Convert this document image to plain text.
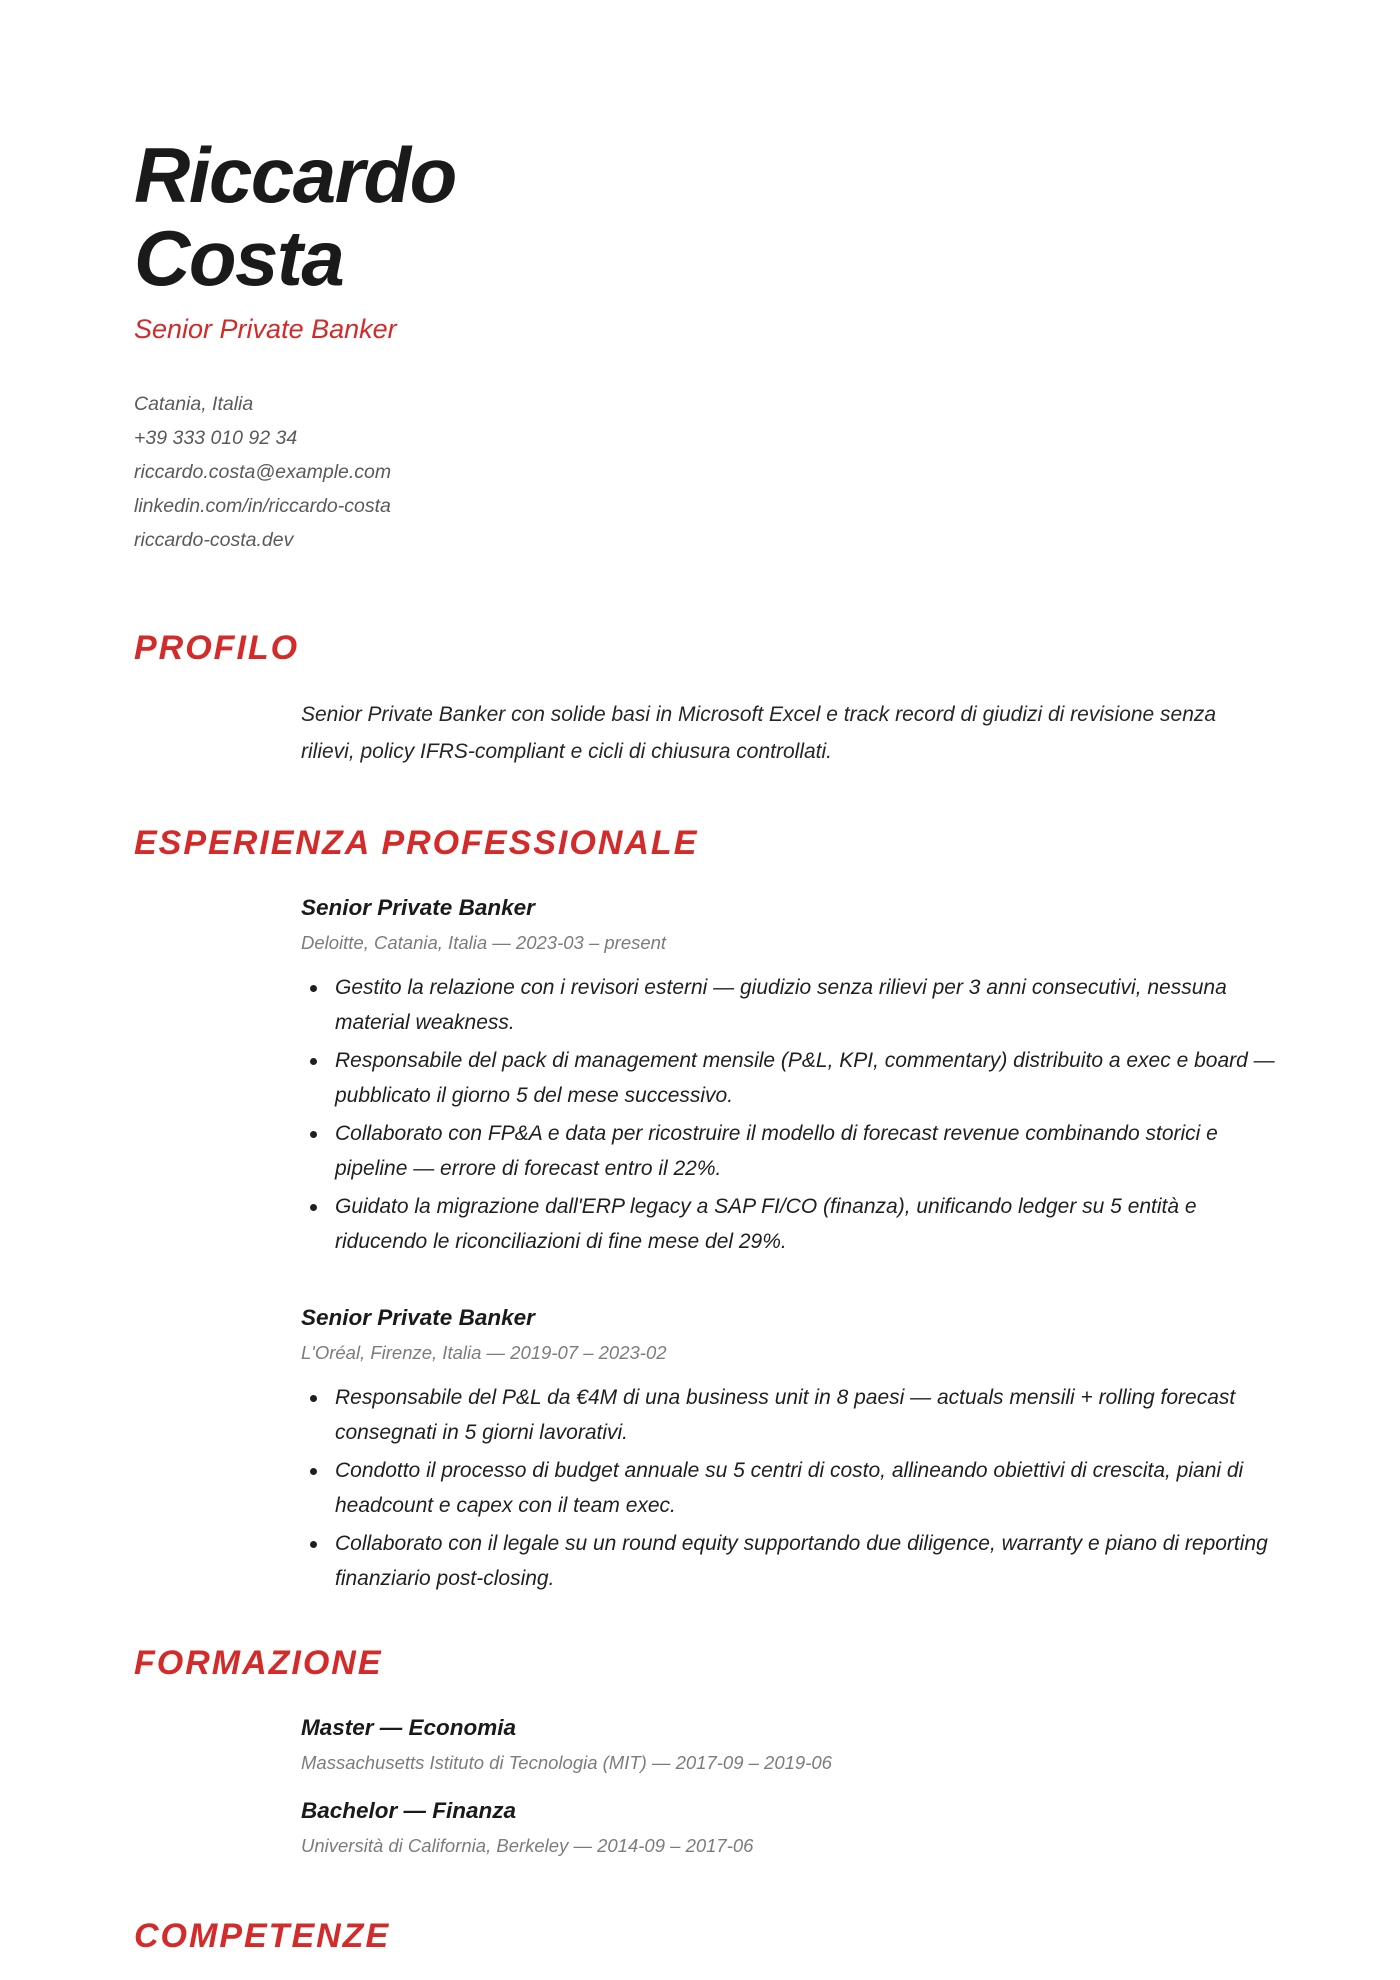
Riccardo
Costa
Senior Private Banker
Catania, Italia
+39 333 010 92 34
riccardo.costa@example.com
linkedin.com/in/riccardo-costa
riccardo-costa.dev
PROFILO
Senior Private Banker con solide basi in Microsoft Excel e track record di giudizi di revisione senza rilievi, policy IFRS-compliant e cicli di chiusura controllati.
ESPERIENZA PROFESSIONALE
Senior Private Banker
Deloitte, Catania, Italia — 2023-03 – present
Gestito la relazione con i revisori esterni — giudizio senza rilievi per 3 anni consecutivi, nessuna material weakness.
Responsabile del pack di management mensile (P&L, KPI, commentary) distribuito a exec e board — pubblicato il giorno 5 del mese successivo.
Collaborato con FP&A e data per ricostruire il modello di forecast revenue combinando storici e pipeline — errore di forecast entro il 22%.
Guidato la migrazione dall'ERP legacy a SAP FI/CO (finanza), unificando ledger su 5 entità e riducendo le riconciliazioni di fine mese del 29%.
Senior Private Banker
L'Oréal, Firenze, Italia — 2019-07 – 2023-02
Responsabile del P&L da €4M di una business unit in 8 paesi — actuals mensili + rolling forecast consegnati in 5 giorni lavorativi.
Condotto il processo di budget annuale su 5 centri di costo, allineando obiettivi di crescita, piani di headcount e capex con il team exec.
Collaborato con il legale su un round equity supportando due diligence, warranty e piano di reporting finanziario post-closing.
FORMAZIONE
Master — Economia
Massachusetts Istituto di Tecnologia (MIT) — 2017-09 – 2019-06
Bachelor — Finanza
Università di California, Berkeley — 2014-09 – 2017-06
COMPETENZE
